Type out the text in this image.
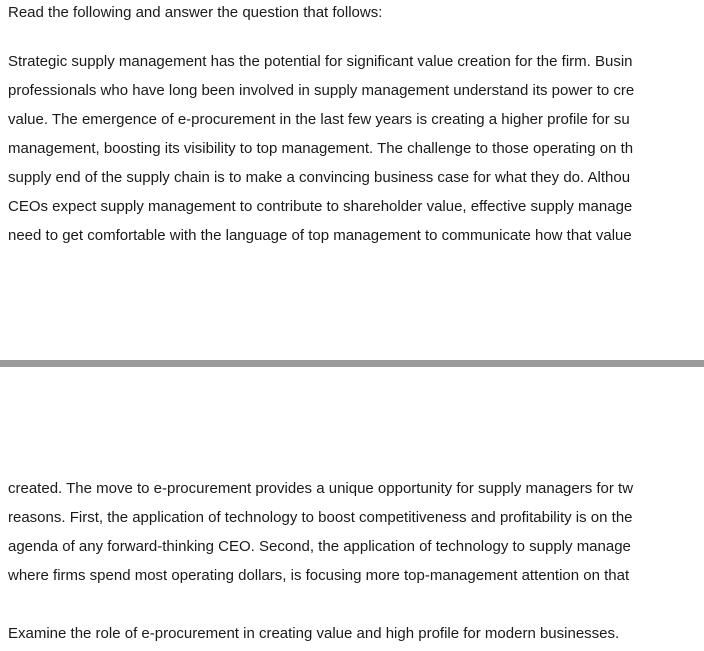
Read the following and answer the question that follows:
Strategic supply management has the potential for significant value creation for the firm. Busin
professionals who have long been involved in supply management understand its power to cre
value. The emergence of e-procurement in the last few years is creating a higher profile for su
management, boosting its visibility to top management. The challenge to those operating on th
supply end of the supply chain is to make a convincing business case for what they do. Althou
CEOs expect supply management to contribute to shareholder value, effective supply manage
need to get comfortable with the language of top management to communicate how that value
created. The move to e-procurement provides a unique opportunity for supply managers for tw
reasons. First, the application of technology to boost competitiveness and profitability is on the
agenda of any forward-thinking CEO. Second, the application of technology to supply manage
where firms spend most operating dollars, is focusing more top-management attention on that
Examine the role of e-procurement in creating value and high profile for modern businesses.
